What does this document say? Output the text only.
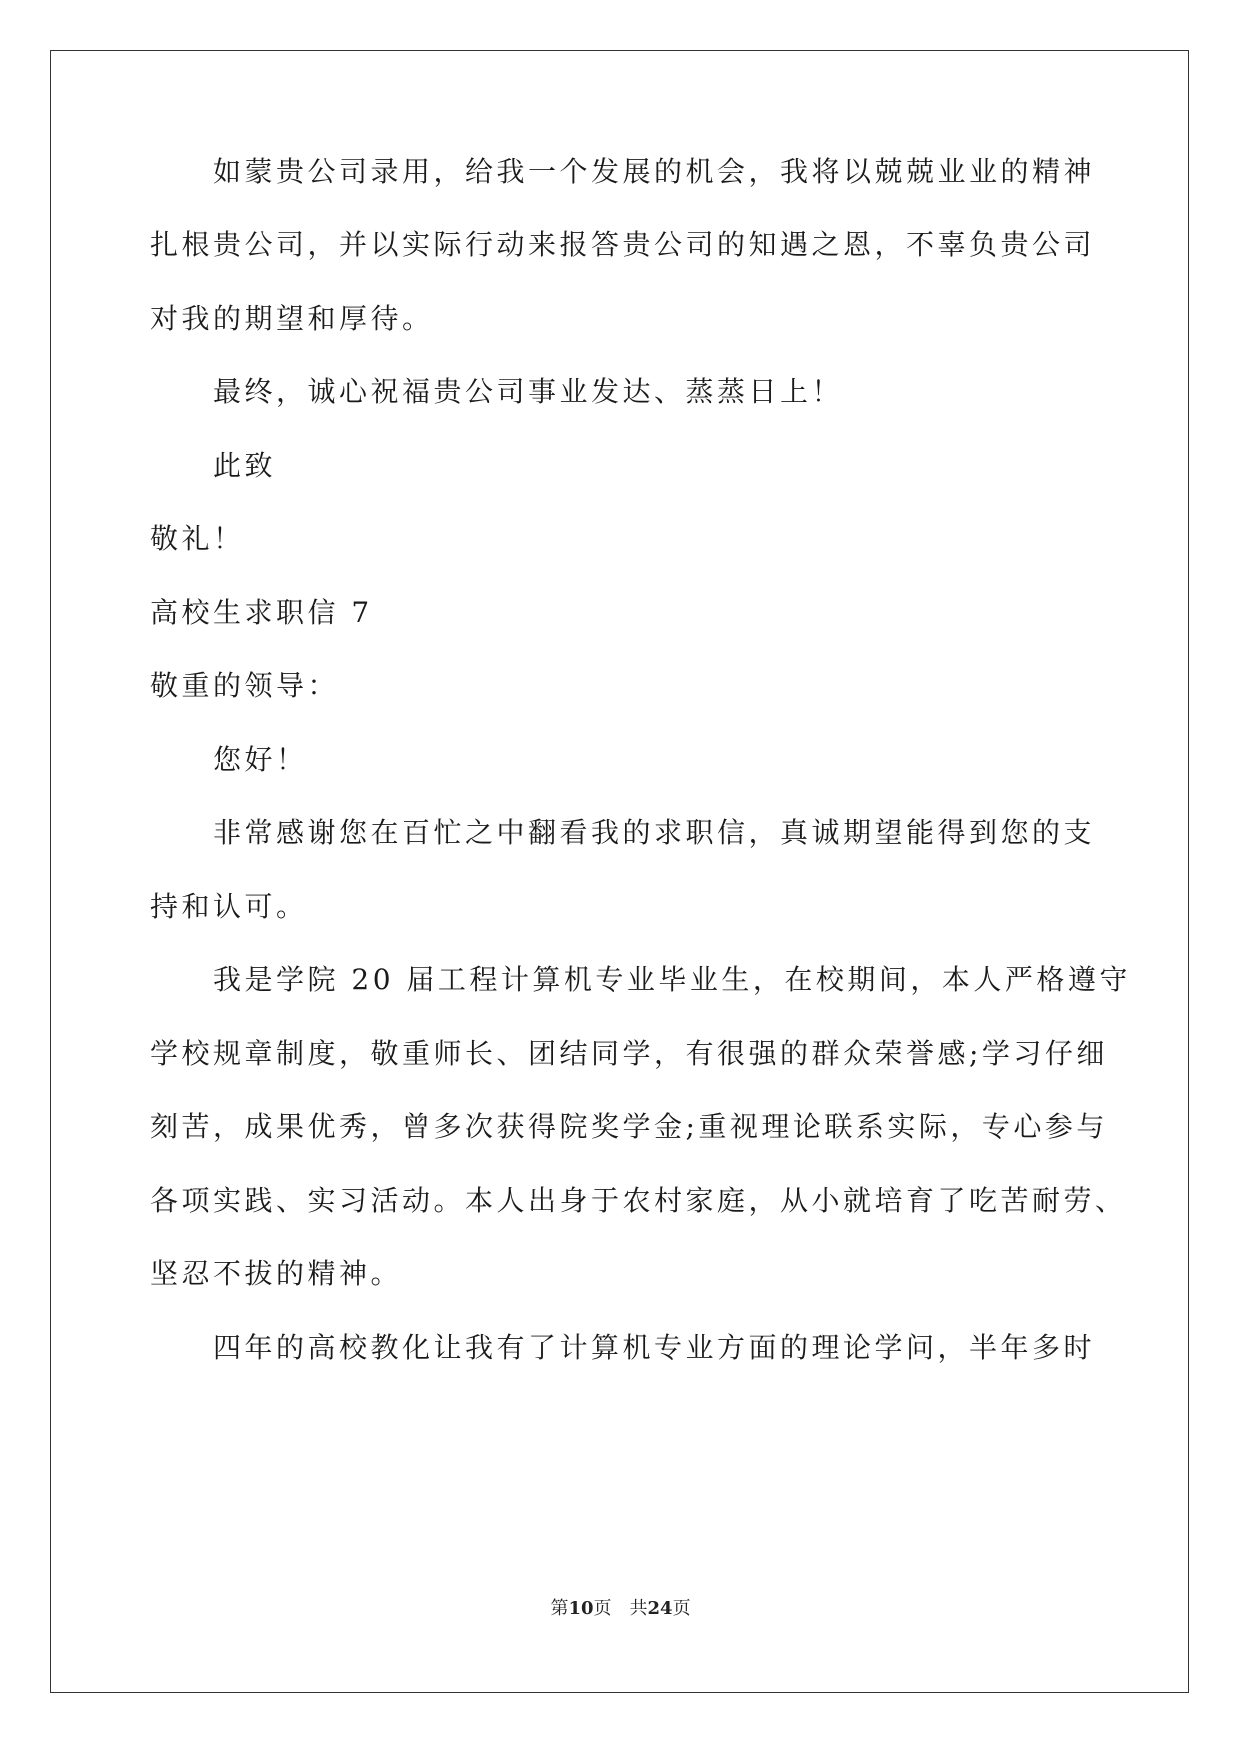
如蒙贵公司录用，给我一个发展的机会，我将以兢兢业业的精神
扎根贵公司，并以实际行动来报答贵公司的知遇之恩，不辜负贵公司
对我的期望和厚待。
最终，诚心祝福贵公司事业发达、蒸蒸日上！
此致
敬礼！
高校生求职信 7
敬重的领导：
您好！
非常感谢您在百忙之中翻看我的求职信，真诚期望能得到您的支
持和认可。
我是学院 20 届工程计算机专业毕业生，在校期间，本人严格遵守
学校规章制度，敬重师长、团结同学，有很强的群众荣誉感;学习仔细
刻苦，成果优秀，曾多次获得院奖学金;重视理论联系实际，专心参与
各项实践、实习活动。本人出身于农村家庭，从小就培育了吃苦耐劳、
坚忍不拔的精神。
四年的高校教化让我有了计算机专业方面的理论学问，半年多时
第10页　共24页
